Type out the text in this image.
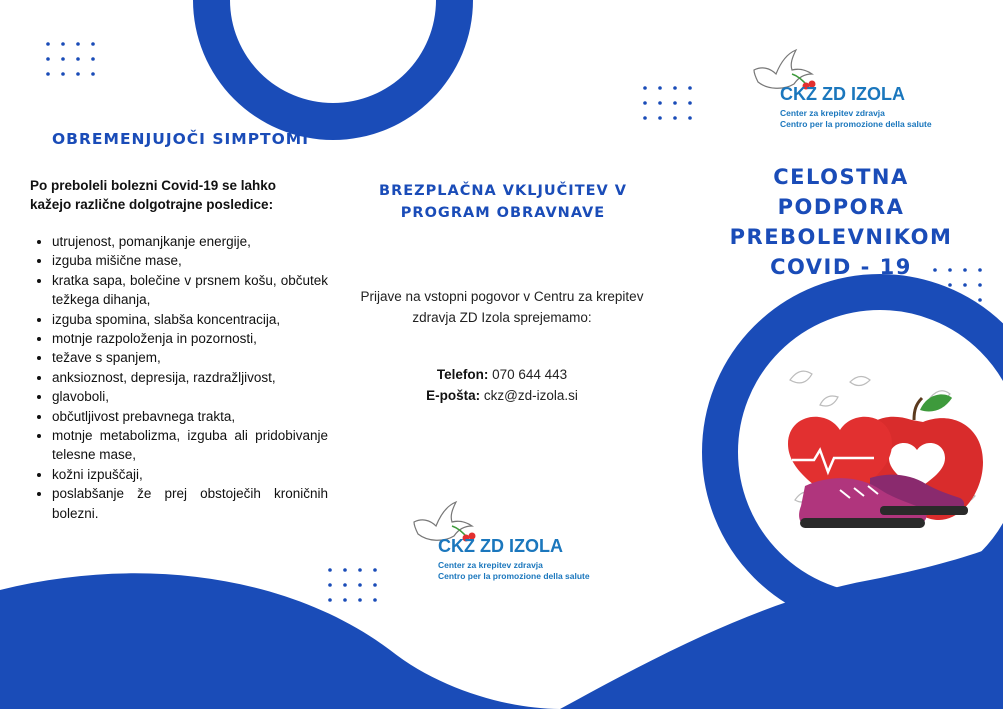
OBREMENJUJOČI SIMPTOMI
Po preboleli bolezni Covid-19 se lahko kažejo različne dolgotrajne posledice:
• utrujenost, pomanjkanje energije,
• izguba mišične mase,
• kratka sapa, bolečine v prsnem košu, občutek težkega dihanja,
• izguba spomina, slabša koncentracija,
• motnje razpoloženja in pozornosti,
• težave s spanjem,
• anksioznost, depresija, razdražljivost,
• glavoboli,
• občutljivost prebavnega trakta,
• motnje metabolizma, izguba ali pridobivanje telesne mase,
• kožni izpuščaji,
• poslabšanje že prej obstoječih kroničnih bolezni.
BREZPLAČNA VKLJUČITEV V PROGRAM OBRAVNAVE
Prijave na vstopni pogovor v Centru za krepitev zdravja ZD Izola sprejemamo:
Telefon: 070 644 443
E-pošta: ckz@zd-izola.si
CKZ ZD IZOLA
Center za krepitev zdravja
Centro per la promozione della salute
CKZ ZD IZOLA
Center za krepitev zdravja
Centro per la promozione della salute
CELOSTNA
PODPORA
PREBOLEVNIKOM
COVID - 19
